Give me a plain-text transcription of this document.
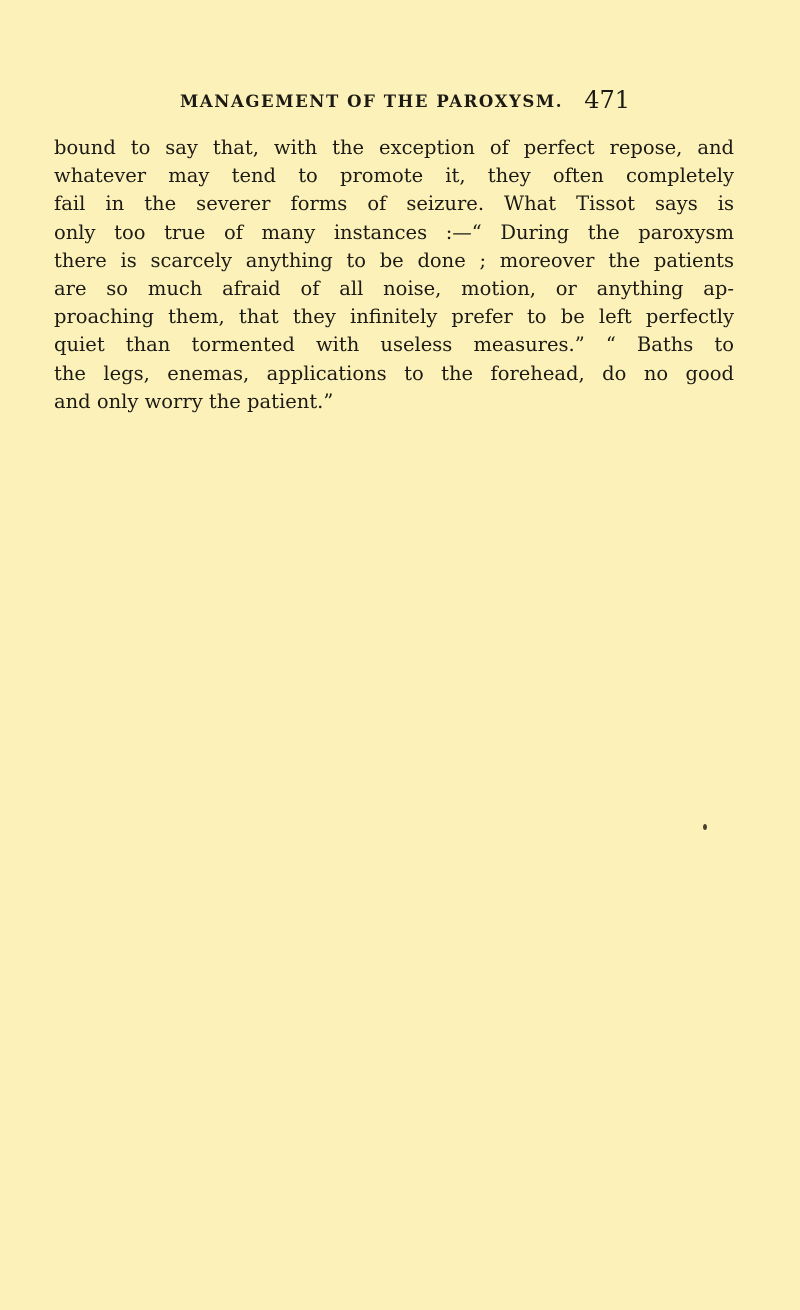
MANAGEMENT OF THE PAROXYSM. 471
bound to say that, with the exception of perfect repose, and
whatever may tend to promote it, they often completely
fail in the severer forms of seizure. What Tissot says is
only too true of many instances :—“ During the paroxysm
there is scarcely anything to be done ; moreover the patients
are so much afraid of all noise, motion, or anything ap-
proaching them, that they infinitely prefer to be left perfectly
quiet than tormented with useless measures.” “ Baths to
the legs, enemas, applications to the forehead, do no good
and only worry the patient.”
